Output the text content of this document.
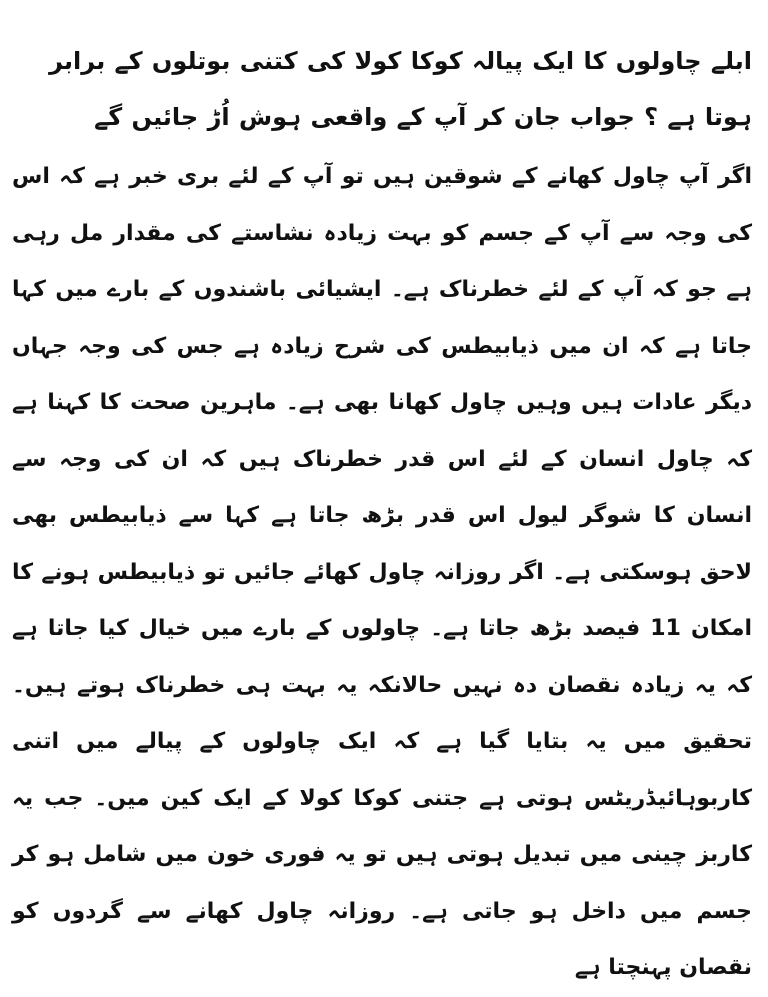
ابلے چاولوں کا ایک پیالہ کوکا کولا کی کتنی بوتلوں کے برابر ہوتا ہے ؟ جواب جان کر آپ کے واقعی ہوش اُڑ جائیں گے

اگر آپ چاول کھانے کے شوقین ہیں تو آپ کے لئے بری خبر ہے کہ اس کی وجہ سے آپ کے جسم کو بہت زیادہ نشاستے کی مقدار مل رہی ہے جو کہ آپ کے لئے خطرناک ہے۔ ایشیائی باشندوں کے بارے میں کہا جاتا ہے کہ ان میں ذیابیطس کی شرح زیادہ ہے جس کی وجہ جہاں دیگر عادات ہیں وہیں چاول کھانا بھی ہے۔ ماہرین صحت کا کہنا ہے کہ چاول انسان کے لئے اس قدر خطرناک ہیں کہ ان کی وجہ سے انسان کا شوگر لیول اس قدر بڑھ جاتا ہے کہا سے ذیابیطس بھی لاحق ہوسکتی ہے۔ اگر روزانہ چاول کھائے جائیں تو ذیابیطس ہونے کا امکان 11 فیصد بڑھ جاتا ہے۔ چاولوں کے بارے میں خیال کیا جاتا ہے کہ یہ زیادہ نقصان دہ نہیں حالانکہ یہ بہت ہی خطرناک ہوتے ہیں۔ تحقیق میں یہ بتایا گیا ہے کہ ایک چاولوں کے پیالے میں اتنی کاربوہائیڈریٹس ہوتی ہے جتنی کوکا کولا کے ایک کین میں۔ جب یہ کاربز چینی میں تبدیل ہوتی ہیں تو یہ فوری خون میں شامل ہو کر جسم میں داخل ہو جاتی ہے۔ روزانہ چاول کھانے سے گردوں کو نقصان پہنچتا ہے
